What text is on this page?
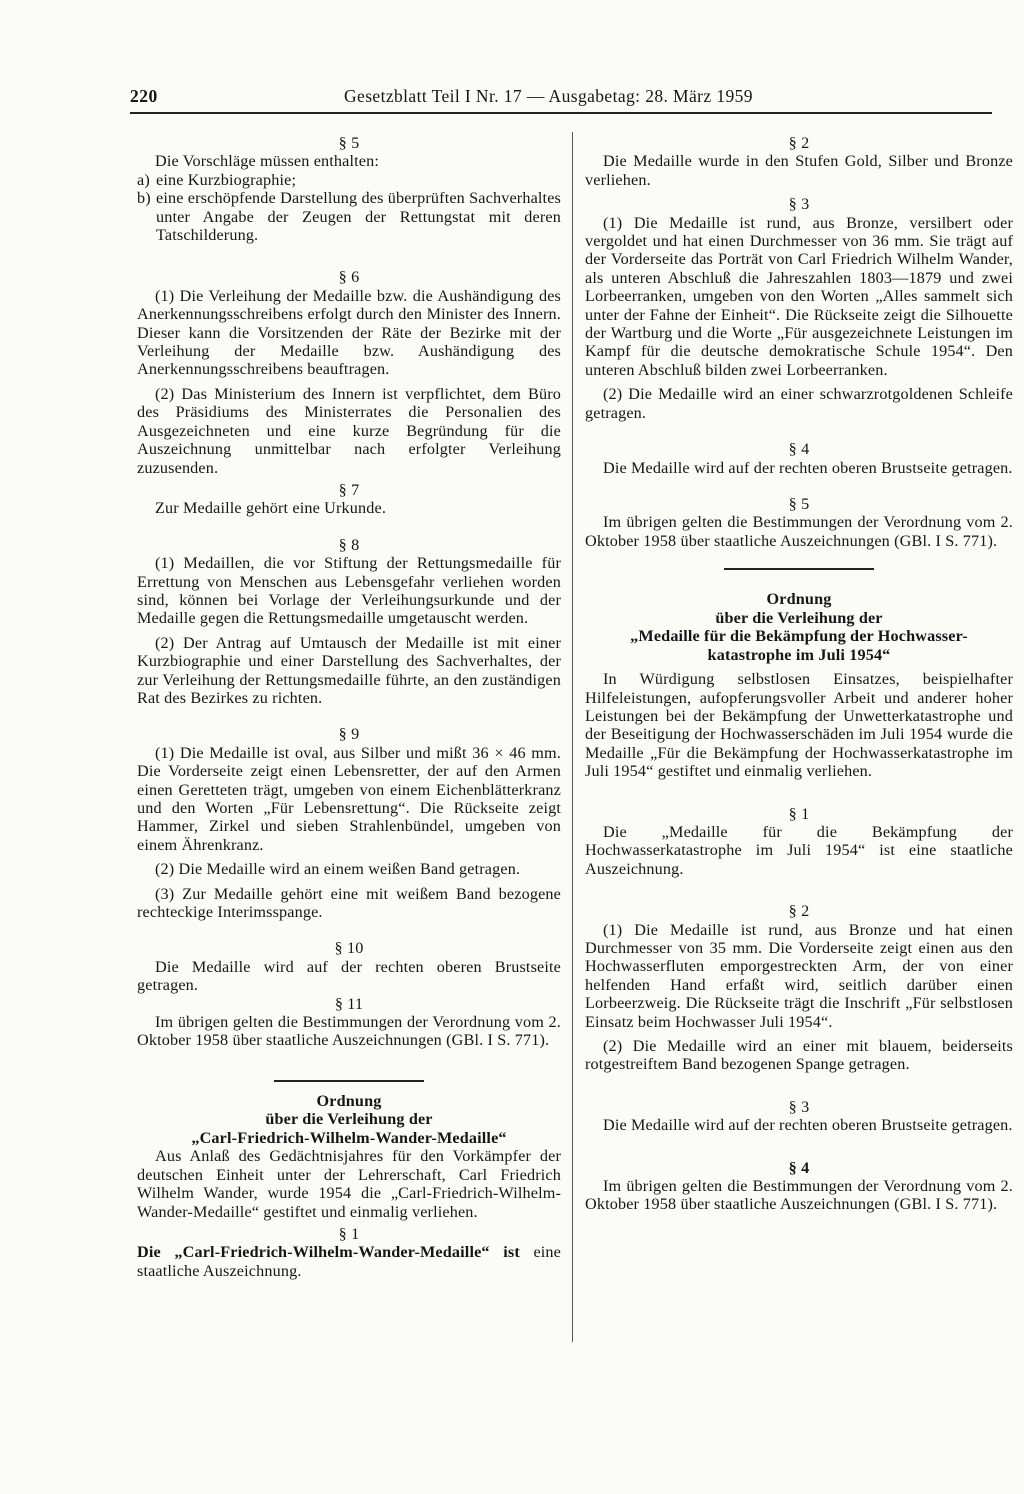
220	Gesetzblatt Teil I Nr. 17 — Ausgabetag: 28. März 1959
§ 5
Die Vorschläge müssen enthalten:
a) eine Kurzbiographie;
b) eine erschöpfende Darstellung des überprüften Sachverhaltes unter Angabe der Zeugen der Rettungstat mit deren Tatschilderung.
§ 6
(1) Die Verleihung der Medaille bzw. die Aushändigung des Anerkennungsschreibens erfolgt durch den Minister des Innern. Dieser kann die Vorsitzenden der Räte der Bezirke mit der Verleihung der Medaille bzw. Aushändigung des Anerkennungsschreibens beauftragen.
(2) Das Ministerium des Innern ist verpflichtet, dem Büro des Präsidiums des Ministerrates die Personalien des Ausgezeichneten und eine kurze Begründung für die Auszeichnung unmittelbar nach erfolgter Verleihung zuzusenden.
§ 7
Zur Medaille gehört eine Urkunde.
§ 8
(1) Medaillen, die vor Stiftung der Rettungsmedaille für Errettung von Menschen aus Lebensgefahr verliehen worden sind, können bei Vorlage der Verleihungsurkunde und der Medaille gegen die Rettungsmedaille umgetauscht werden.
(2) Der Antrag auf Umtausch der Medaille ist mit einer Kurzbiographie und einer Darstellung des Sachverhaltes, der zur Verleihung der Rettungsmedaille führte, an den zuständigen Rat des Bezirkes zu richten.
§ 9
(1) Die Medaille ist oval, aus Silber und mißt 36 × 46 mm. Die Vorderseite zeigt einen Lebensretter, der auf den Armen einen Geretteten trägt, umgeben von einem Eichenblätterkranz und den Worten „Für Lebensrettung“. Die Rückseite zeigt Hammer, Zirkel und sieben Strahlenbündel, umgeben von einem Ährenkranz.
(2) Die Medaille wird an einem weißen Band getragen.
(3) Zur Medaille gehört eine mit weißem Band bezogene rechteckige Interimsspange.
§ 10
Die Medaille wird auf der rechten oberen Brustseite getragen.
§ 11
Im übrigen gelten die Bestimmungen der Verordnung vom 2. Oktober 1958 über staatliche Auszeichnungen (GBl. I S. 771).
Ordnung
über die Verleihung der
„Carl-Friedrich-Wilhelm-Wander-Medaille“
Aus Anlaß des Gedächtnisjahres für den Vorkämpfer der deutschen Einheit unter der Lehrerschaft, Carl Friedrich Wilhelm Wander, wurde 1954 die „Carl-Friedrich-Wilhelm-Wander-Medaille“ gestiftet und einmalig verliehen.
§ 1
Die „Carl-Friedrich-Wilhelm-Wander-Medaille“ ist eine staatliche Auszeichnung.
§ 2
Die Medaille wurde in den Stufen Gold, Silber und Bronze verliehen.
§ 3
(1) Die Medaille ist rund, aus Bronze, versilbert oder vergoldet und hat einen Durchmesser von 36 mm. Sie trägt auf der Vorderseite das Porträt von Carl Friedrich Wilhelm Wander, als unteren Abschluß die Jahreszahlen 1803—1879 und zwei Lorbeerranken, umgeben von den Worten „Alles sammelt sich unter der Fahne der Einheit“. Die Rückseite zeigt die Silhouette der Wartburg und die Worte „Für ausgezeichnete Leistungen im Kampf für die deutsche demokratische Schule 1954“. Den unteren Abschluß bilden zwei Lorbeerranken.
(2) Die Medaille wird an einer schwarzrotgoldenen Schleife getragen.
§ 4
Die Medaille wird auf der rechten oberen Brustseite getragen.
§ 5
Im übrigen gelten die Bestimmungen der Verordnung vom 2. Oktober 1958 über staatliche Auszeichnungen (GBl. I S. 771).
Ordnung
über die Verleihung der
„Medaille für die Bekämpfung der Hochwasser-
katastrophe im Juli 1954“
In Würdigung selbstlosen Einsatzes, beispielhafter Hilfeleistungen, aufopferungsvoller Arbeit und anderer hoher Leistungen bei der Bekämpfung der Unwetterkatastrophe und der Beseitigung der Hochwasserschäden im Juli 1954 wurde die Medaille „Für die Bekämpfung der Hochwasserkatastrophe im Juli 1954“ gestiftet und einmalig verliehen.
§ 1
Die „Medaille für die Bekämpfung der Hochwasserkatastrophe im Juli 1954“ ist eine staatliche Auszeichnung.
§ 2
(1) Die Medaille ist rund, aus Bronze und hat einen Durchmesser von 35 mm. Die Vorderseite zeigt einen aus den Hochwasserfluten emporgestreckten Arm, der von einer helfenden Hand erfaßt wird, seitlich darüber einen Lorbeerzweig. Die Rückseite trägt die Inschrift „Für selbstlosen Einsatz beim Hochwasser Juli 1954“.
(2) Die Medaille wird an einer mit blauem, beiderseits rotgestreiftem Band bezogenen Spange getragen.
§ 3
Die Medaille wird auf der rechten oberen Brustseite getragen.
§ 4
Im übrigen gelten die Bestimmungen der Verordnung vom 2. Oktober 1958 über staatliche Auszeichnungen (GBl. I S. 771).
